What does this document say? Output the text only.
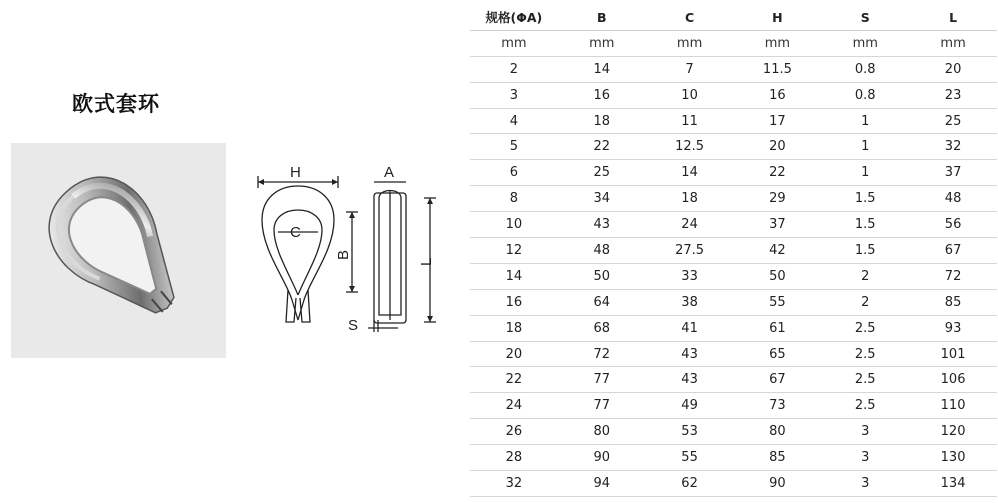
欧式套环
H	A
C
B
L
S
规格(ΦA)	B	C	H	S	L
mm	mm	mm	mm	mm	mm
2	14	7	11.5	0.8	20
3	16	10	16	0.8	23
4	18	11	17	1	25
5	22	12.5	20	1	32
6	25	14	22	1	37
8	34	18	29	1.5	48
10	43	24	37	1.5	56
12	48	27.5	42	1.5	67
14	50	33	50	2	72
16	64	38	55	2	85
18	68	41	61	2.5	93
20	72	43	65	2.5	101
22	77	43	67	2.5	106
24	77	49	73	2.5	110
26	80	53	80	3	120
28	90	55	85	3	130
32	94	62	90	3	134
